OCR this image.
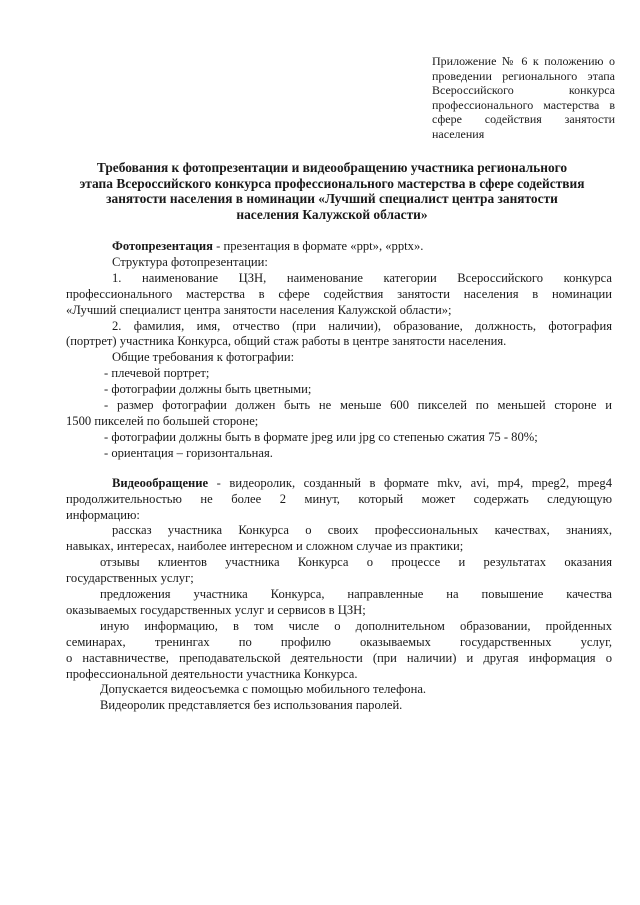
Приложение № 6 к положению о
проведении регионального этапа
Всероссийского конкурса
профессионального мастерства в
сфере содействия занятости
населения
Требования к фотопрезентации и видеообращению участника регионального
этапа Всероссийского конкурса профессионального мастерства в сфере содействия
занятости населения в номинации «Лучший специалист центра занятости
населения Калужской области»
Фотопрезентация - презентация в формате «ppt», «pptx».
Структура фотопрезентации:
1. наименование ЦЗН, наименование категории Всероссийского конкурса
профессионального мастерства в сфере содействия занятости населения в номинации
«Лучший специалист центра занятости населения Калужской области»;
2. фамилия, имя, отчество (при наличии), образование, должность, фотография
(портрет) участника Конкурса, общий стаж работы в центре занятости населения.
Общие требования к фотографии:
- плечевой портрет;
- фотографии должны быть цветными;
- размер фотографии должен быть не меньше 600 пикселей по меньшей стороне и
1500 пикселей по большей стороне;
- фотографии должны быть в формате jpeg или jpg со степенью сжатия 75 - 80%;
- ориентация – горизонтальная.
Видеообращение - видеоролик, созданный в формате mkv, avi, mp4, mpeg2, mpeg4
продолжительностью не более 2 минут, который может содержать следующую
информацию:
рассказ участника Конкурса о своих профессиональных качествах, знаниях,
навыках, интересах, наиболее интересном и сложном случае из практики;
отзывы клиентов участника Конкурса о процессе и результатах оказания
государственных услуг;
предложения участника Конкурса, направленные на повышение качества
оказываемых государственных услуг и сервисов в ЦЗН;
иную информацию, в том числе о дополнительном образовании, пройденных
семинарах, тренингах по профилю оказываемых государственных услуг,
о наставничестве, преподавательской деятельности (при наличии) и другая информация о
профессиональной деятельности участника Конкурса.
Допускается видеосъемка с помощью мобильного телефона.
Видеоролик представляется без использования паролей.
